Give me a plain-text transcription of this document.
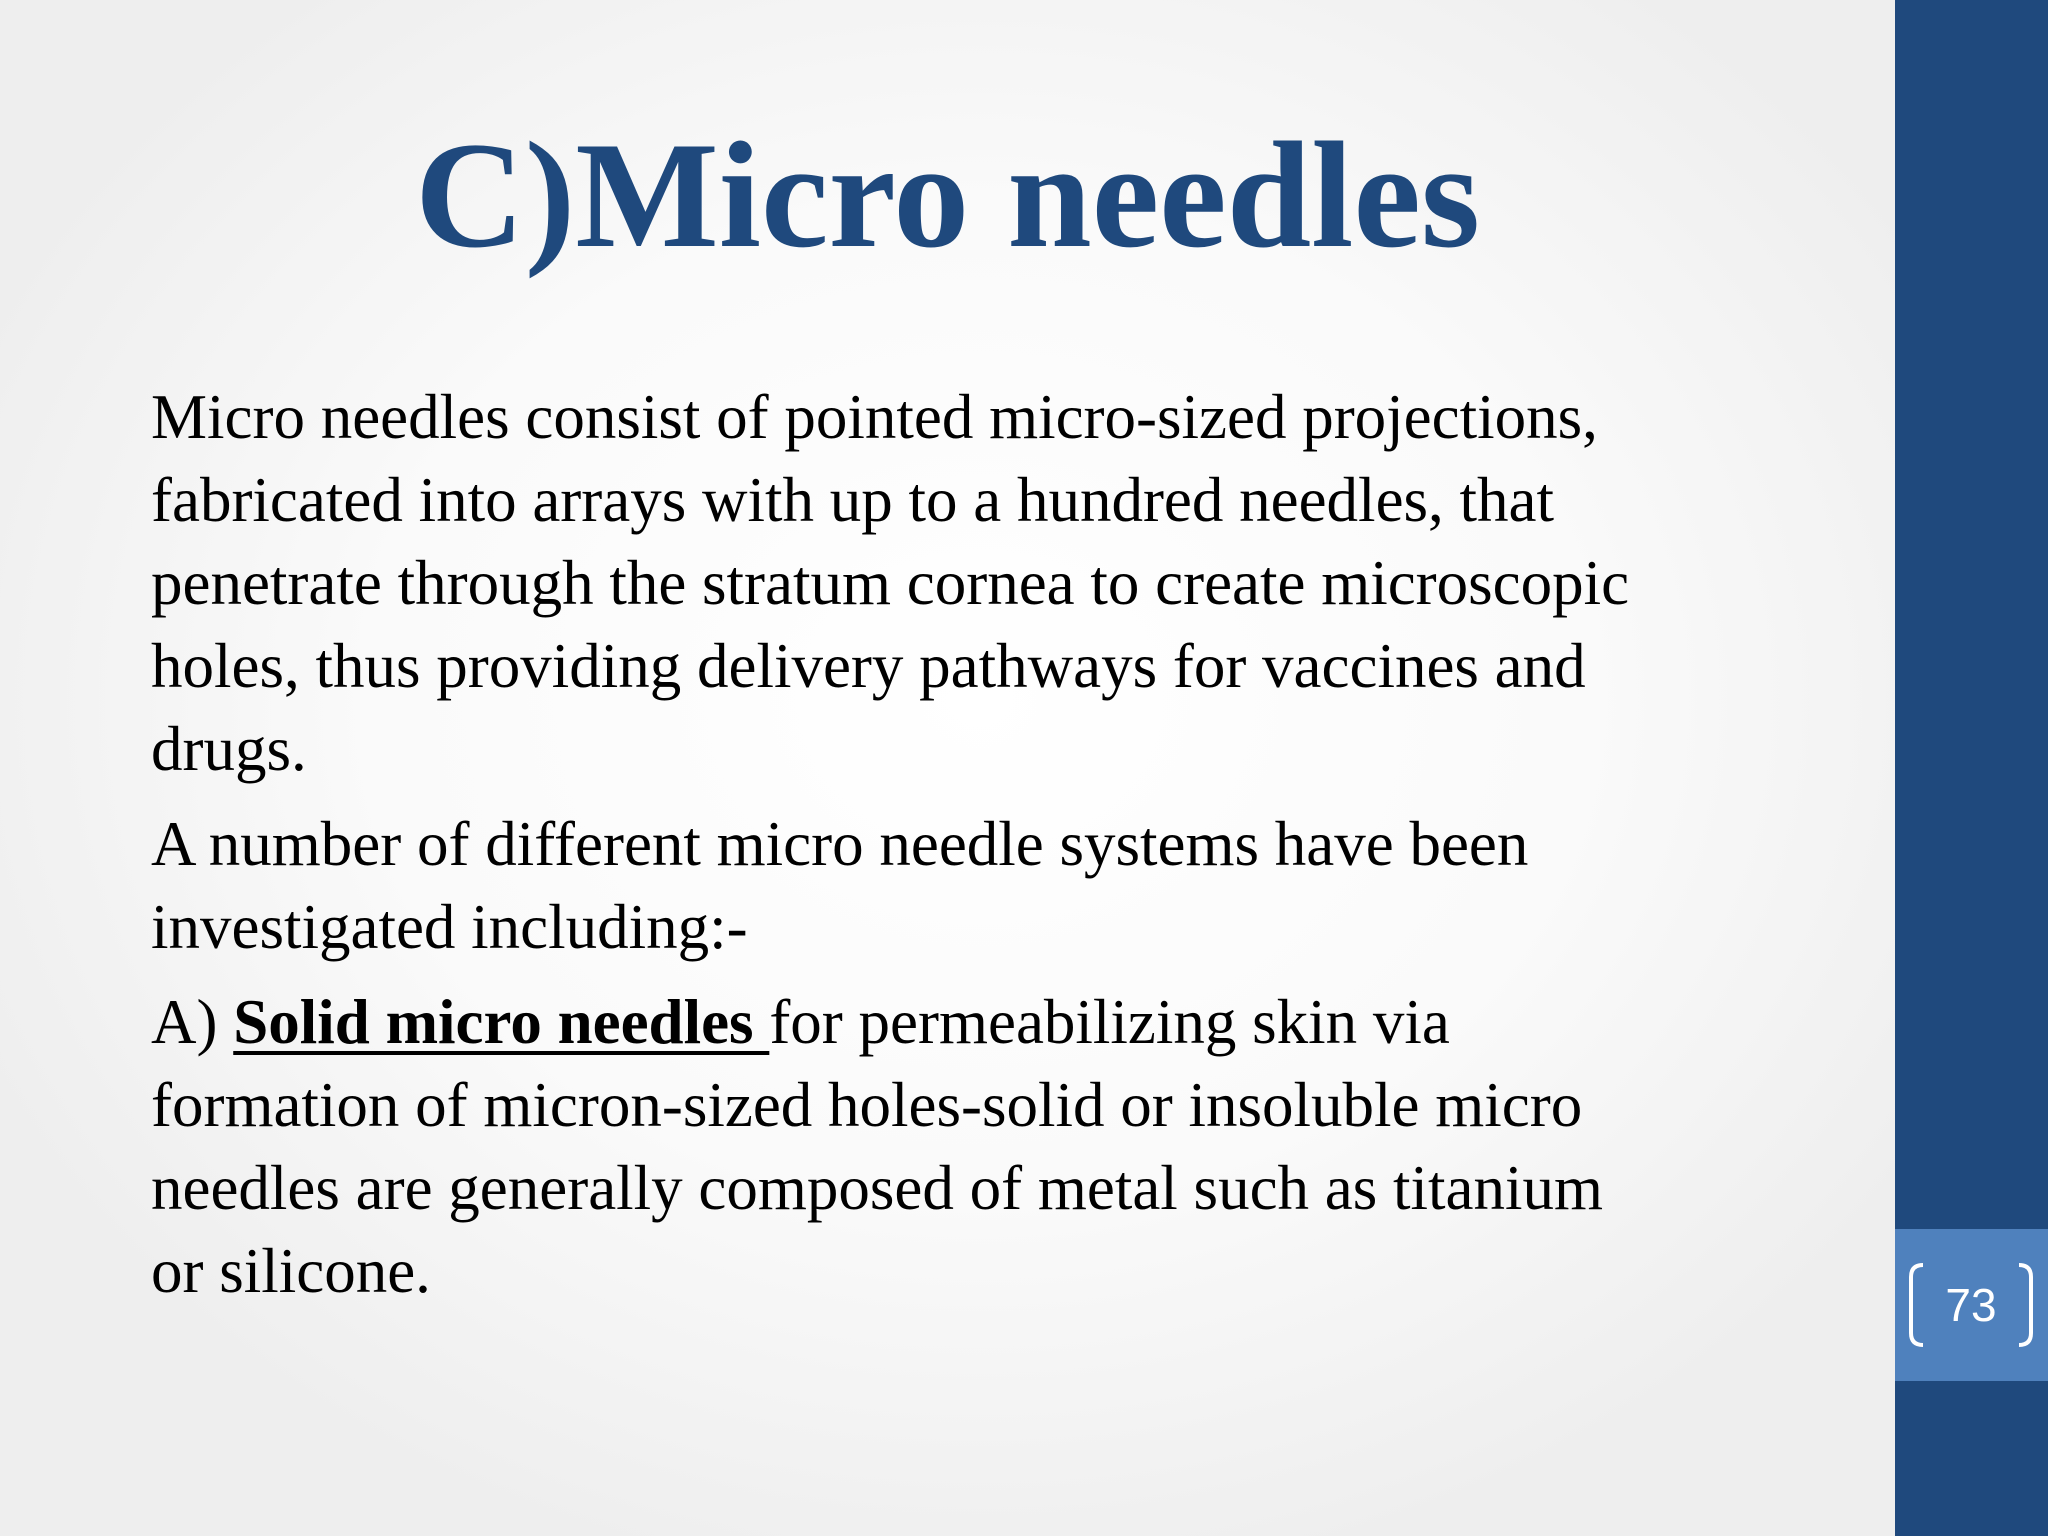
73
C)Micro needles

Micro needles consist of pointed micro-sized projections,
fabricated into arrays with up to a hundred needles, that
penetrate through the stratum cornea to create microscopic
holes, thus providing delivery pathways for vaccines and
drugs.

A number of different micro needle systems have been
investigated including:-

A) Solid micro needles for permeabilizing skin via
formation of micron-sized holes-solid or insoluble micro
needles are generally composed of metal such as titanium
or silicone.
